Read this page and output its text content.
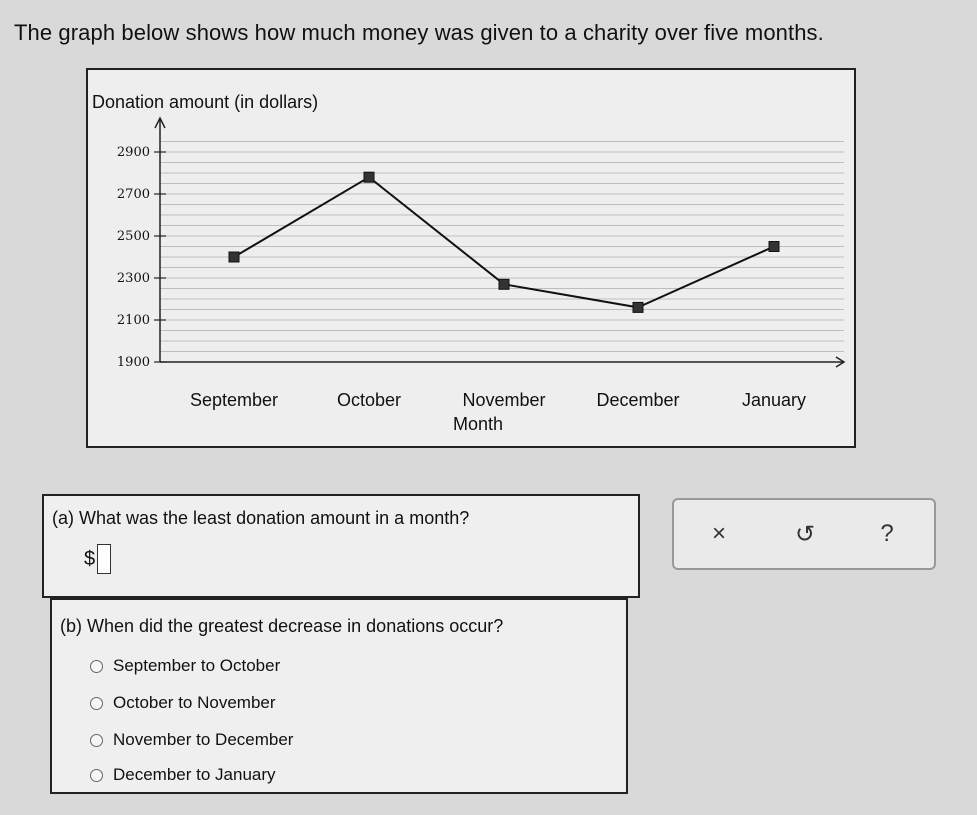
The graph below shows how much money was given to a charity over five months.
Donation amount (in dollars)
1900
2100
2300
2500
2700
2900
September	October	November	December	January
Month
(a) What was the least donation amount in a month?
$
(b) When did the greatest decrease in donations occur?
September to October
October to November
November to December
December to January
×	↺	?
